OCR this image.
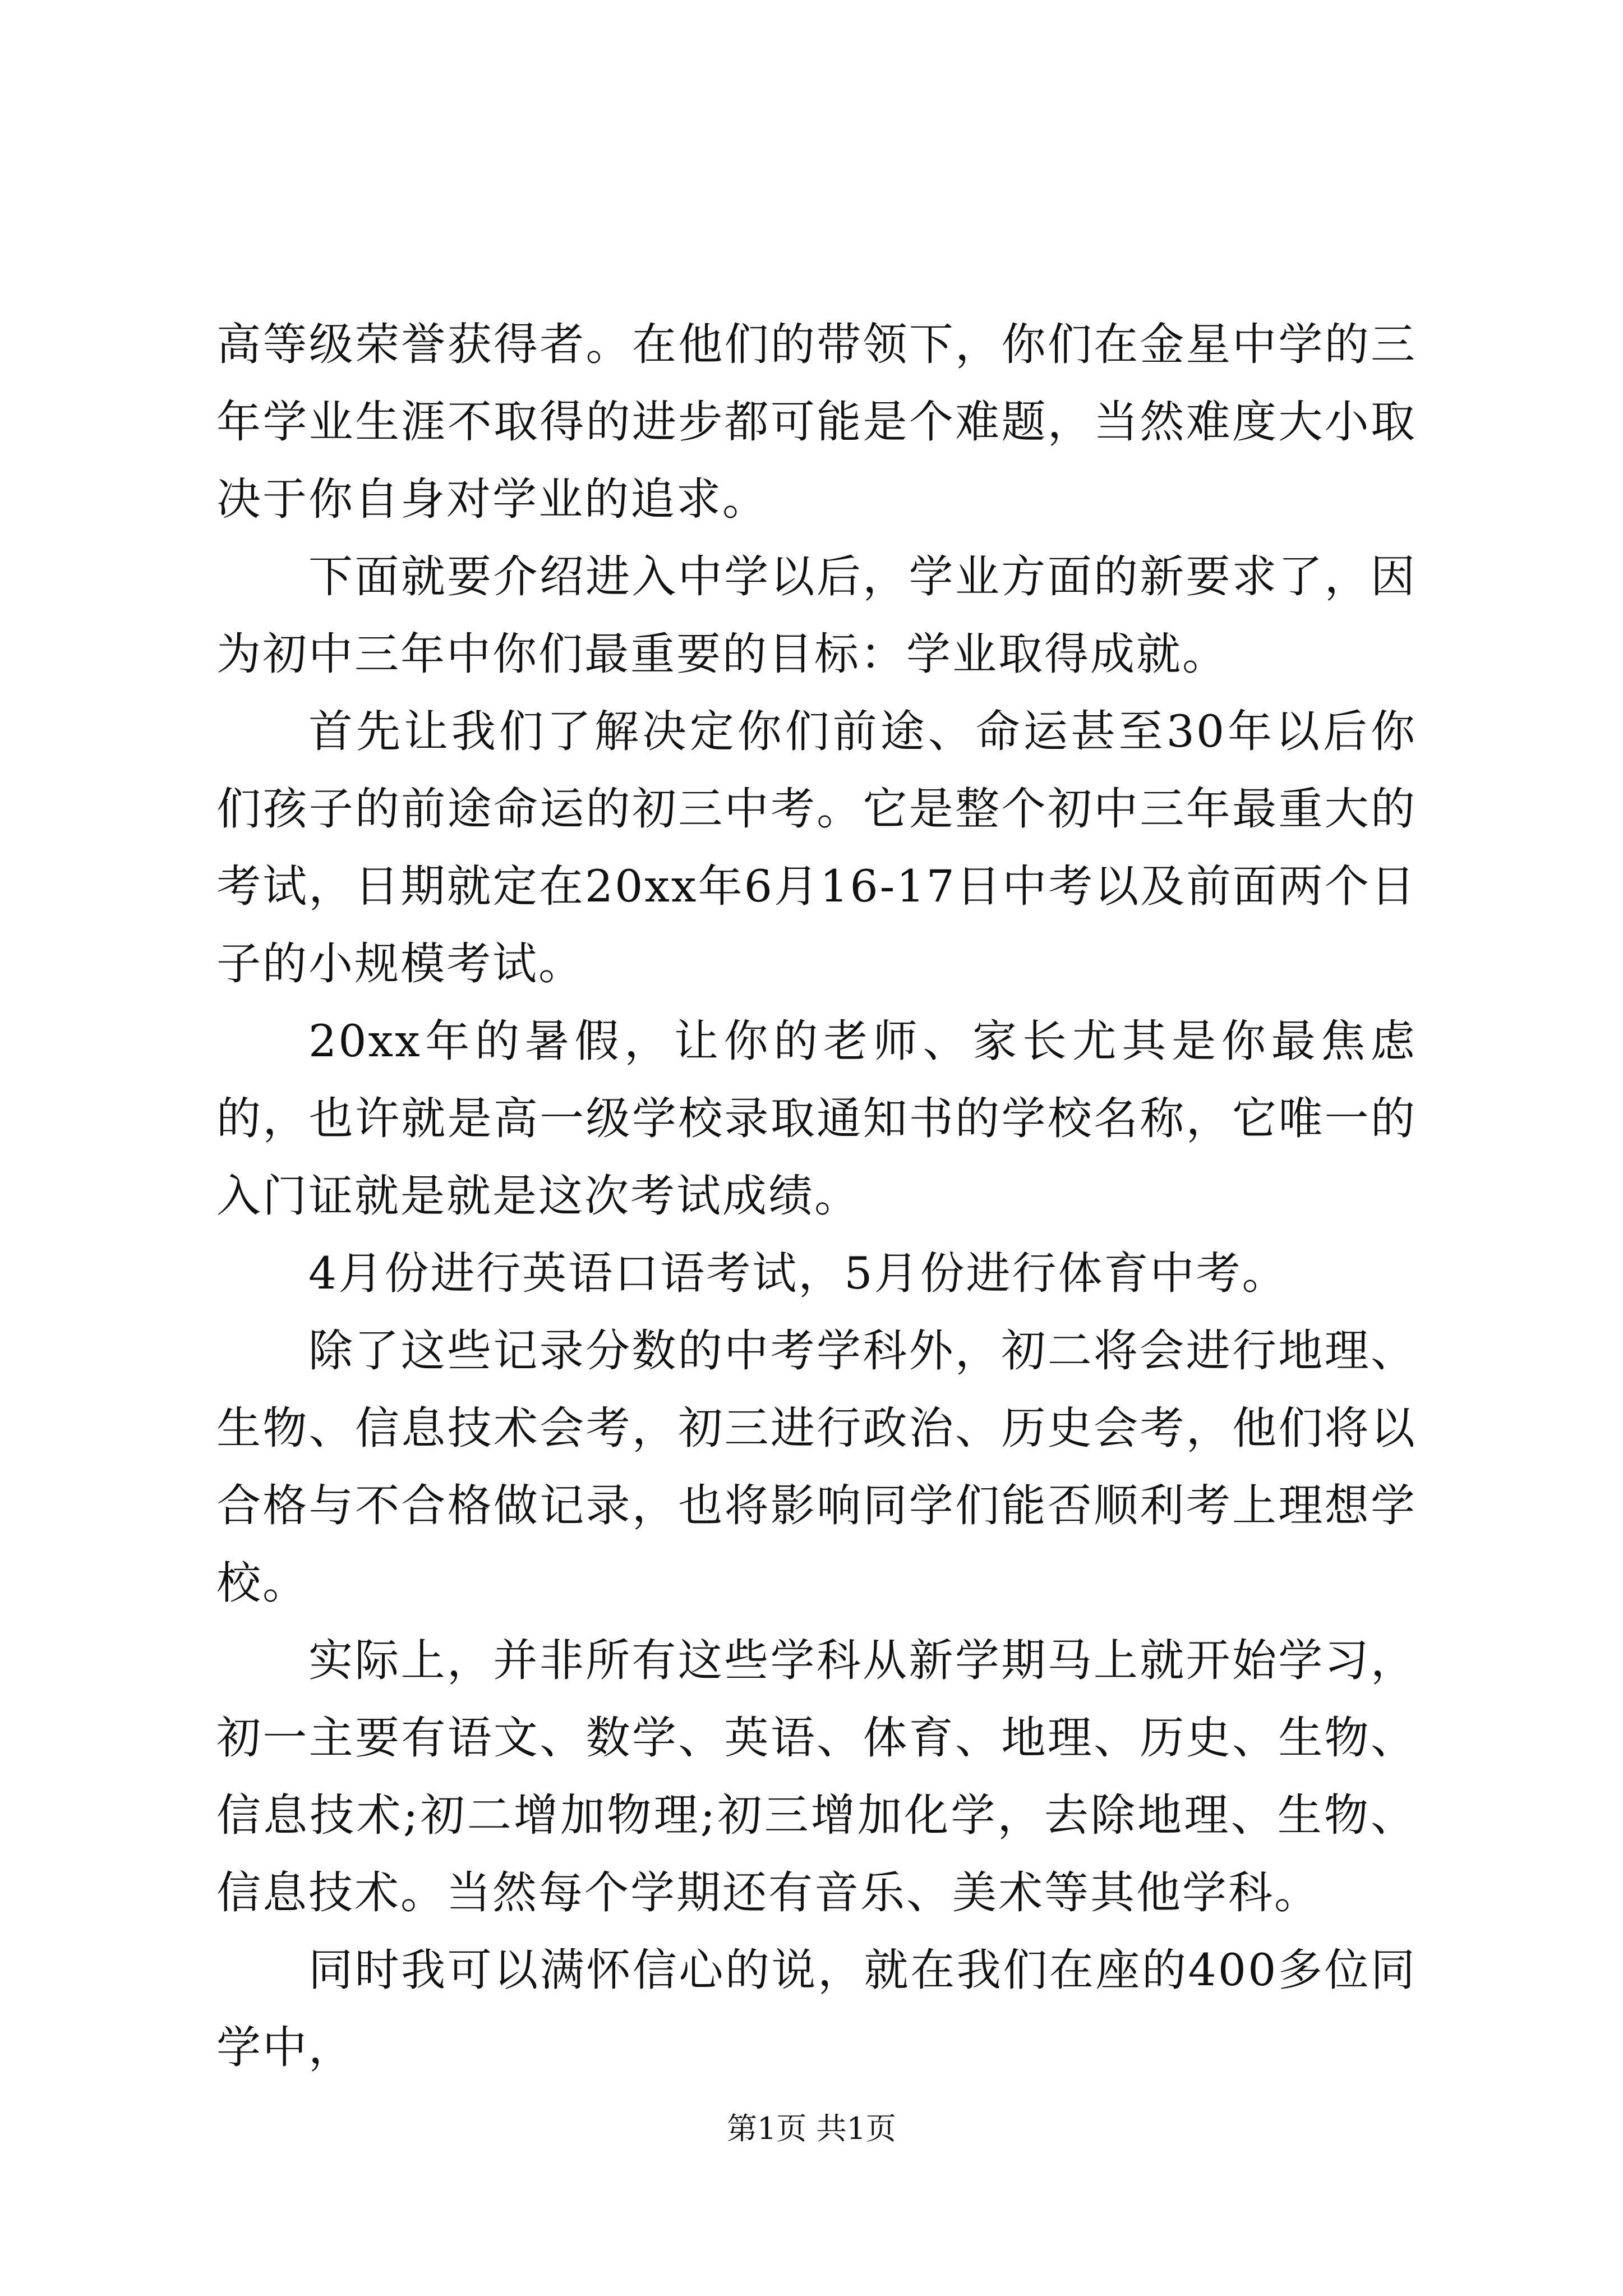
高等级荣誉获得者。在他们的带领下，你们在金星中学的三年学业生涯不取得的进步都可能是个难题，当然难度大小取决于你自身对学业的追求。

下面就要介绍进入中学以后，学业方面的新要求了，因为初中三年中你们最重要的目标：学业取得成就。

首先让我们了解决定你们前途、命运甚至30年以后你们孩子的前途命运的初三中考。它是整个初中三年最重大的考试，日期就定在20xx年6月16-17日中考以及前面两个日子的小规模考试。

20xx年的暑假，让你的老师、家长尤其是你最焦虑的，也许就是高一级学校录取通知书的学校名称，它唯一的入门证就是就是这次考试成绩。

4月份进行英语口语考试，5月份进行体育中考。

除了这些记录分数的中考学科外，初二将会进行地理、生物、信息技术会考，初三进行政治、历史会考，他们将以合格与不合格做记录，也将影响同学们能否顺利考上理想学校。

实际上，并非所有这些学科从新学期马上就开始学习，初一主要有语文、数学、英语、体育、地理、历史、生物、信息技术;初二增加物理;初三增加化学，去除地理、生物、信息技术。当然每个学期还有音乐、美术等其他学科。

同时我可以满怀信心的说，就在我们在座的400多位同学中，

第1页 共1页
